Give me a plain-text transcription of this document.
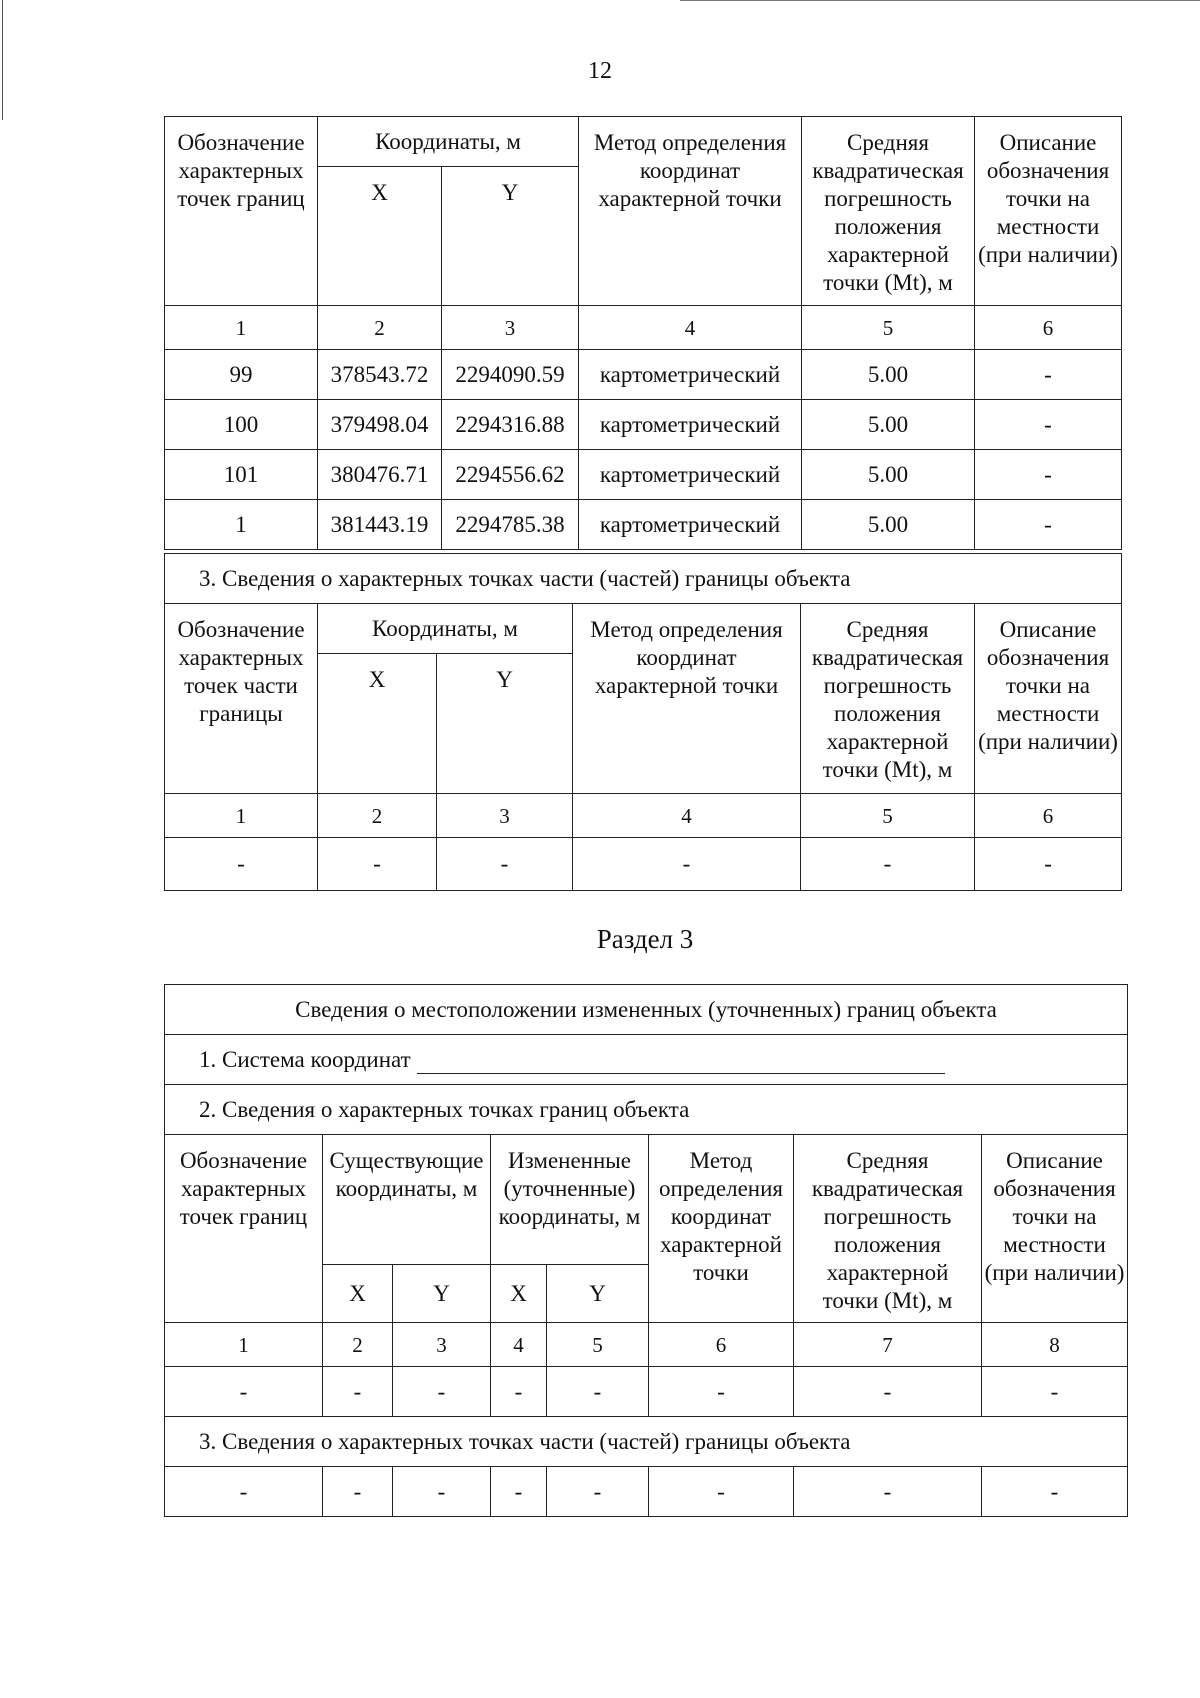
12
Обозначение характерных точек границ	Координаты, м		Метод определения координат характерной точки	Средняя квадратическая погрешность положения характерной точки (Mt), м	Описание обозначения точки на местности (при наличии)
	X	Y			
1	2	3	4	5	6
99	378543.72	2294090.59	картометрический	5.00	-
100	379498.04	2294316.88	картометрический	5.00	-
101	380476.71	2294556.62	картометрический	5.00	-
1	381443.19	2294785.38	картометрический	5.00	-
3. Сведения о характерных точках части (частей) границы объекта					
Обозначение характерных точек части границы	Координаты, м		Метод определения координат характерной точки	Средняя квадратическая погрешность положения характерной точки (Mt), м	Описание обозначения точки на местности (при наличии)
	X	Y			
1	2	3	4	5	6
-	-	-	-	-	-
Раздел 3
Сведения о местоположении измененных (уточненных) границ объекта							
1. Система координат							
2. Сведения о характерных точках границ объекта							
Обозначение характерных точек границ	Существующие координаты, м		Измененные (уточненные) координаты, м		Метод определения координат характерной точки	Средняя квадратическая погрешность положения характерной точки (Mt), м	Описание обозначения точки на местности (при наличии)
	X	Y	X	Y			
1	2	3	4	5	6	7	8
-	-	-	-	-	-	-	-
3. Сведения о характерных точках части (частей) границы объекта							
-	-	-	-	-	-	-	-
